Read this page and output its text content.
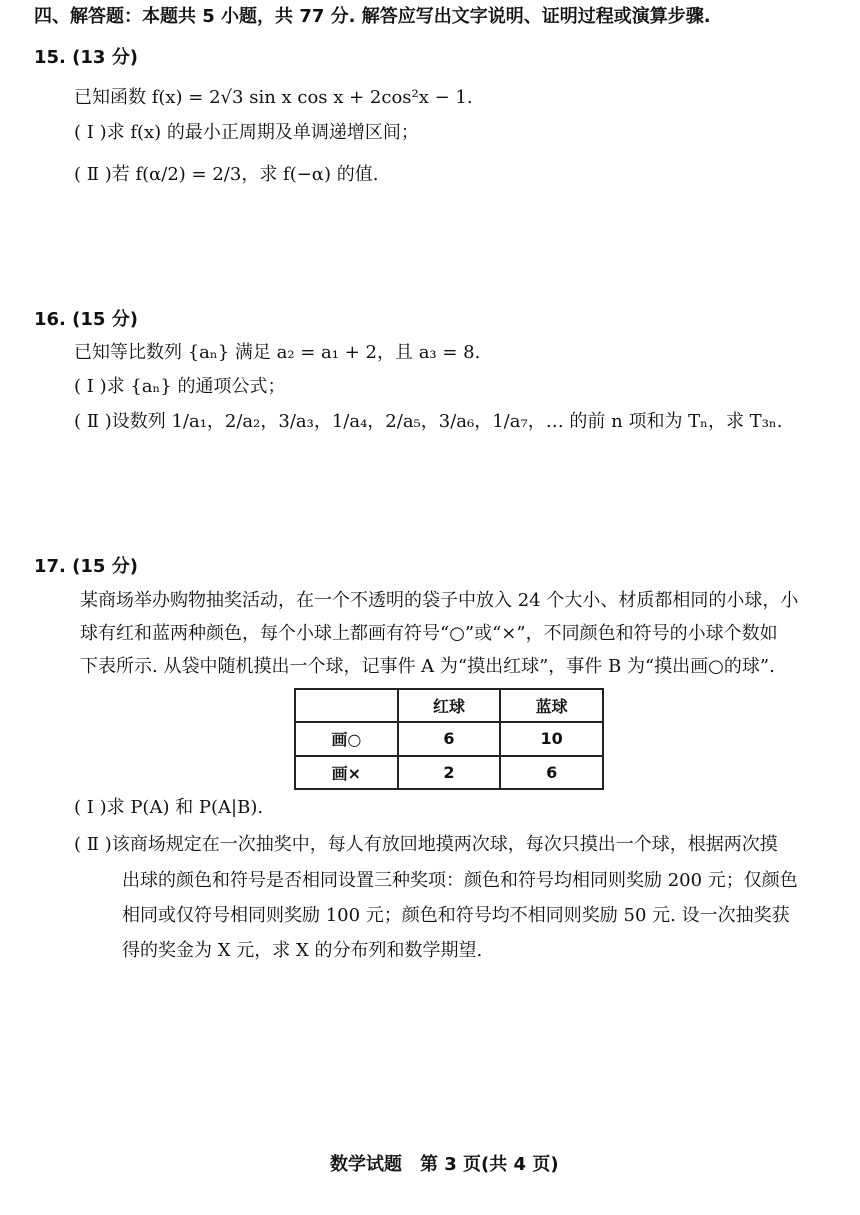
四、解答题：本题共 5 小题，共 77 分. 解答应写出文字说明、证明过程或演算步骤.
15. (13 分)
已知函数 f(x) = 2√3 sin x cos x + 2cos²x − 1.
( Ⅰ )求 f(x) 的最小正周期及单调递增区间；
( Ⅱ )若 f(α/2) = 2/3，求 f(−α) 的值.
16. (15 分)
已知等比数列 {aₙ} 满足 a₂ = a₁ + 2，且 a₃ = 8.
( Ⅰ )求 {aₙ} 的通项公式；
( Ⅱ )设数列 1/a₁，2/a₂，3/a₃，1/a₄，2/a₅，3/a₆，1/a₇，… 的前 n 项和为 Tₙ，求 T₃ₙ.
17. (15 分)
某商场举办购物抽奖活动，在一个不透明的袋子中放入 24 个大小、材质都相同的小球，小
球有红和蓝两种颜色，每个小球上都画有符号“○”或“×”，不同颜色和符号的小球个数如
下表所示. 从袋中随机摸出一个球，记事件 A 为“摸出红球”，事件 B 为“摸出画○的球”.
	红球	蓝球
画○	6	10
画×	2	6
( Ⅰ )求 P(A) 和 P(A|B).
( Ⅱ )该商场规定在一次抽奖中，每人有放回地摸两次球，每次只摸出一个球，根据两次摸
出球的颜色和符号是否相同设置三种奖项：颜色和符号均相同则奖励 200 元；仅颜色
相同或仅符号相同则奖励 100 元；颜色和符号均不相同则奖励 50 元. 设一次抽奖获
得的奖金为 X 元，求 X 的分布列和数学期望.
数学试题　第 3 页(共 4 页)
